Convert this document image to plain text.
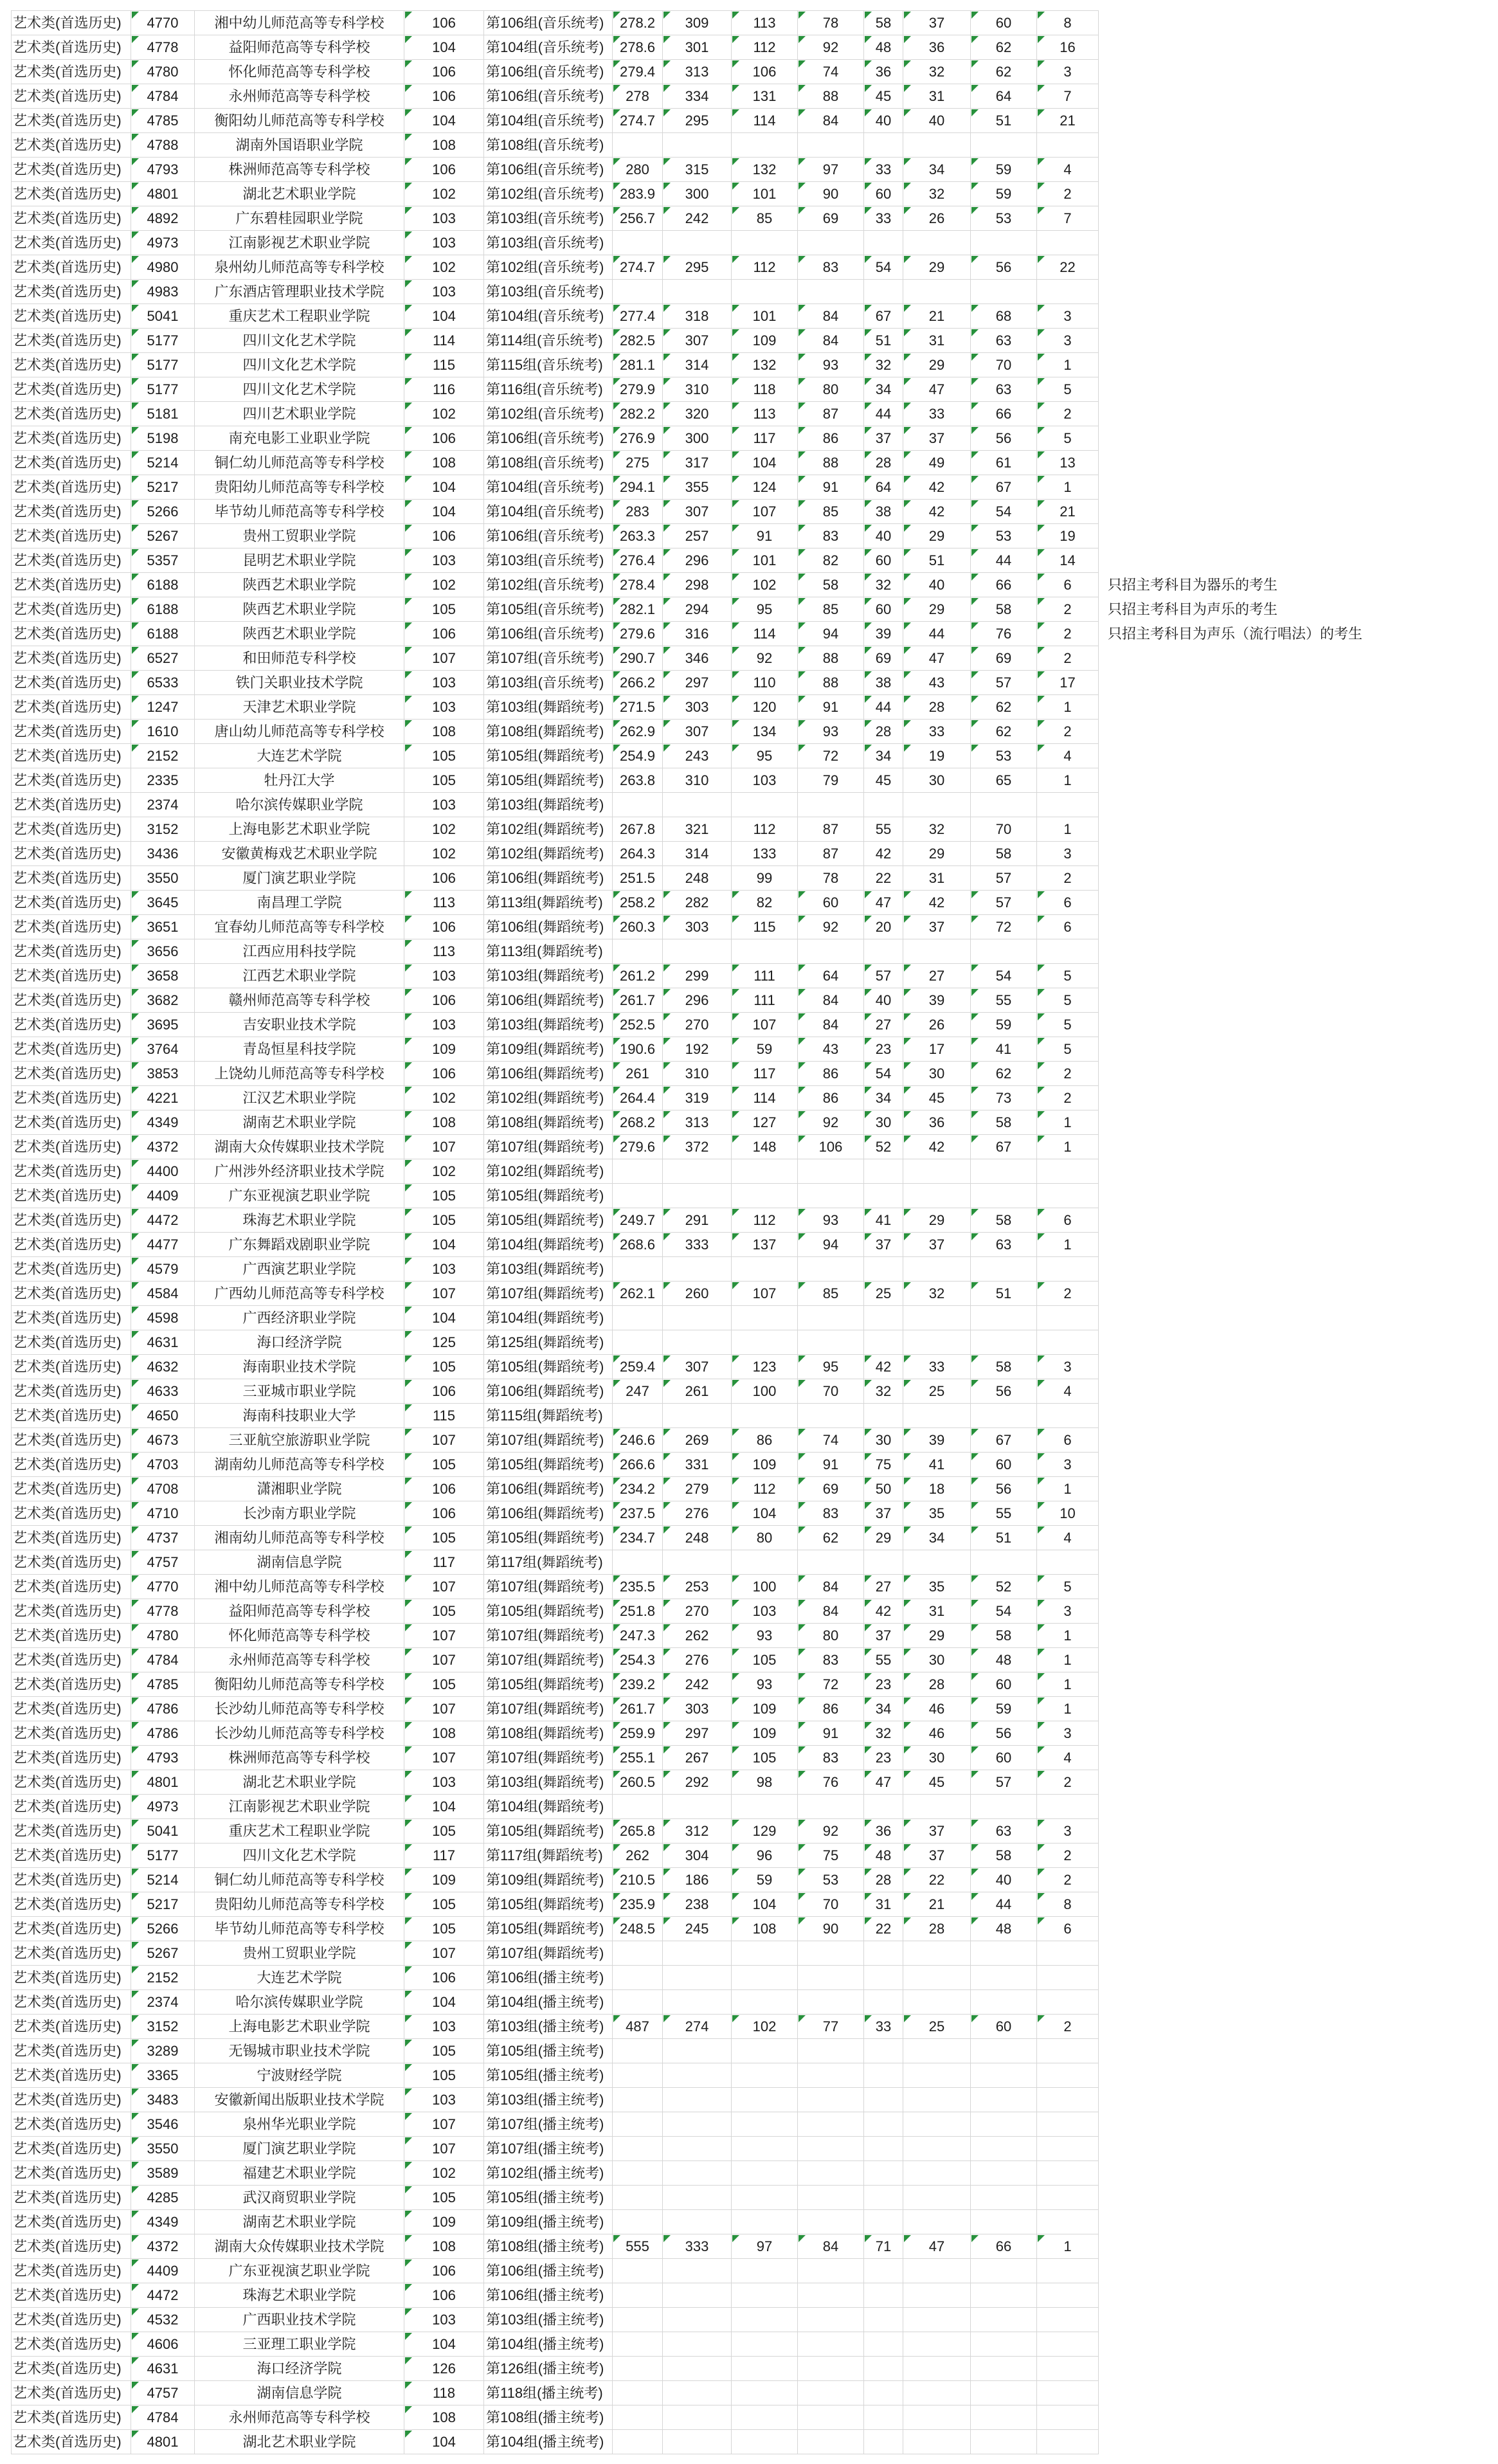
艺术类(首选历史)	4770	湘中幼儿师范高等专科学校	106	第106组(音乐统考)	278.2	309	113	78	58	37	60	8
艺术类(首选历史)	4778	益阳师范高等专科学校	104	第104组(音乐统考)	278.6	301	112	92	48	36	62	16
艺术类(首选历史)	4780	怀化师范高等专科学校	106	第106组(音乐统考)	279.4	313	106	74	36	32	62	3
艺术类(首选历史)	4784	永州师范高等专科学校	106	第106组(音乐统考)	278	334	131	88	45	31	64	7
艺术类(首选历史)	4785	衡阳幼儿师范高等专科学校	104	第104组(音乐统考)	274.7	295	114	84	40	40	51	21
艺术类(首选历史)	4788	湖南外国语职业学院	108	第108组(音乐统考)
艺术类(首选历史)	4793	株洲师范高等专科学校	106	第106组(音乐统考)	280	315	132	97	33	34	59	4
艺术类(首选历史)	4801	湖北艺术职业学院	102	第102组(音乐统考)	283.9	300	101	90	60	32	59	2
艺术类(首选历史)	4892	广东碧桂园职业学院	103	第103组(音乐统考)	256.7	242	85	69	33	26	53	7
艺术类(首选历史)	4973	江南影视艺术职业学院	103	第103组(音乐统考)
艺术类(首选历史)	4980	泉州幼儿师范高等专科学校	102	第102组(音乐统考)	274.7	295	112	83	54	29	56	22
艺术类(首选历史)	4983	广东酒店管理职业技术学院	103	第103组(音乐统考)
艺术类(首选历史)	5041	重庆艺术工程职业学院	104	第104组(音乐统考)	277.4	318	101	84	67	21	68	3
艺术类(首选历史)	5177	四川文化艺术学院	114	第114组(音乐统考)	282.5	307	109	84	51	31	63	3
艺术类(首选历史)	5177	四川文化艺术学院	115	第115组(音乐统考)	281.1	314	132	93	32	29	70	1
艺术类(首选历史)	5177	四川文化艺术学院	116	第116组(音乐统考)	279.9	310	118	80	34	47	63	5
艺术类(首选历史)	5181	四川艺术职业学院	102	第102组(音乐统考)	282.2	320	113	87	44	33	66	2
艺术类(首选历史)	5198	南充电影工业职业学院	106	第106组(音乐统考)	276.9	300	117	86	37	37	56	5
艺术类(首选历史)	5214	铜仁幼儿师范高等专科学校	108	第108组(音乐统考)	275	317	104	88	28	49	61	13
艺术类(首选历史)	5217	贵阳幼儿师范高等专科学校	104	第104组(音乐统考)	294.1	355	124	91	64	42	67	1
艺术类(首选历史)	5266	毕节幼儿师范高等专科学校	104	第104组(音乐统考)	283	307	107	85	38	42	54	21
艺术类(首选历史)	5267	贵州工贸职业学院	106	第106组(音乐统考)	263.3	257	91	83	40	29	53	19
艺术类(首选历史)	5357	昆明艺术职业学院	103	第103组(音乐统考)	276.4	296	101	82	60	51	44	14
艺术类(首选历史)	6188	陕西艺术职业学院	102	第102组(音乐统考)	278.4	298	102	58	32	40	66	6	只招主考科目为器乐的考生
艺术类(首选历史)	6188	陕西艺术职业学院	105	第105组(音乐统考)	282.1	294	95	85	60	29	58	2	只招主考科目为声乐的考生
艺术类(首选历史)	6188	陕西艺术职业学院	106	第106组(音乐统考)	279.6	316	114	94	39	44	76	2	只招主考科目为声乐（流行唱法）的考生
艺术类(首选历史)	6527	和田师范专科学校	107	第107组(音乐统考)	290.7	346	92	88	69	47	69	2
艺术类(首选历史)	6533	铁门关职业技术学院	103	第103组(音乐统考)	266.2	297	110	88	38	43	57	17
艺术类(首选历史)	1247	天津艺术职业学院	103	第103组(舞蹈统考)	271.5	303	120	91	44	28	62	1
艺术类(首选历史)	1610	唐山幼儿师范高等专科学校	108	第108组(舞蹈统考)	262.9	307	134	93	28	33	62	2
艺术类(首选历史)	2152	大连艺术学院	105	第105组(舞蹈统考)	254.9	243	95	72	34	19	53	4
艺术类(首选历史)	2335	牡丹江大学	105	第105组(舞蹈统考)	263.8	310	103	79	45	30	65	1
艺术类(首选历史)	2374	哈尔滨传媒职业学院	103	第103组(舞蹈统考)
艺术类(首选历史)	3152	上海电影艺术职业学院	102	第102组(舞蹈统考)	267.8	321	112	87	55	32	70	1
艺术类(首选历史)	3436	安徽黄梅戏艺术职业学院	102	第102组(舞蹈统考)	264.3	314	133	87	42	29	58	3
艺术类(首选历史)	3550	厦门演艺职业学院	106	第106组(舞蹈统考)	251.5	248	99	78	22	31	57	2
艺术类(首选历史)	3645	南昌理工学院	113	第113组(舞蹈统考)	258.2	282	82	60	47	42	57	6
艺术类(首选历史)	3651	宜春幼儿师范高等专科学校	106	第106组(舞蹈统考)	260.3	303	115	92	20	37	72	6
艺术类(首选历史)	3656	江西应用科技学院	113	第113组(舞蹈统考)
艺术类(首选历史)	3658	江西艺术职业学院	103	第103组(舞蹈统考)	261.2	299	111	64	57	27	54	5
艺术类(首选历史)	3682	赣州师范高等专科学校	106	第106组(舞蹈统考)	261.7	296	111	84	40	39	55	5
艺术类(首选历史)	3695	吉安职业技术学院	103	第103组(舞蹈统考)	252.5	270	107	84	27	26	59	5
艺术类(首选历史)	3764	青岛恒星科技学院	109	第109组(舞蹈统考)	190.6	192	59	43	23	17	41	5
艺术类(首选历史)	3853	上饶幼儿师范高等专科学校	106	第106组(舞蹈统考)	261	310	117	86	54	30	62	2
艺术类(首选历史)	4221	江汉艺术职业学院	102	第102组(舞蹈统考)	264.4	319	114	86	34	45	73	2
艺术类(首选历史)	4349	湖南艺术职业学院	108	第108组(舞蹈统考)	268.2	313	127	92	30	36	58	1
艺术类(首选历史)	4372	湖南大众传媒职业技术学院	107	第107组(舞蹈统考)	279.6	372	148	106	52	42	67	1
艺术类(首选历史)	4400	广州涉外经济职业技术学院	102	第102组(舞蹈统考)
艺术类(首选历史)	4409	广东亚视演艺职业学院	105	第105组(舞蹈统考)
艺术类(首选历史)	4472	珠海艺术职业学院	105	第105组(舞蹈统考)	249.7	291	112	93	41	29	58	6
艺术类(首选历史)	4477	广东舞蹈戏剧职业学院	104	第104组(舞蹈统考)	268.6	333	137	94	37	37	63	1
艺术类(首选历史)	4579	广西演艺职业学院	103	第103组(舞蹈统考)
艺术类(首选历史)	4584	广西幼儿师范高等专科学校	107	第107组(舞蹈统考)	262.1	260	107	85	25	32	51	2
艺术类(首选历史)	4598	广西经济职业学院	104	第104组(舞蹈统考)
艺术类(首选历史)	4631	海口经济学院	125	第125组(舞蹈统考)
艺术类(首选历史)	4632	海南职业技术学院	105	第105组(舞蹈统考)	259.4	307	123	95	42	33	58	3
艺术类(首选历史)	4633	三亚城市职业学院	106	第106组(舞蹈统考)	247	261	100	70	32	25	56	4
艺术类(首选历史)	4650	海南科技职业大学	115	第115组(舞蹈统考)
艺术类(首选历史)	4673	三亚航空旅游职业学院	107	第107组(舞蹈统考)	246.6	269	86	74	30	39	67	6
艺术类(首选历史)	4703	湖南幼儿师范高等专科学校	105	第105组(舞蹈统考)	266.6	331	109	91	75	41	60	3
艺术类(首选历史)	4708	潇湘职业学院	106	第106组(舞蹈统考)	234.2	279	112	69	50	18	56	1
艺术类(首选历史)	4710	长沙南方职业学院	106	第106组(舞蹈统考)	237.5	276	104	83	37	35	55	10
艺术类(首选历史)	4737	湘南幼儿师范高等专科学校	105	第105组(舞蹈统考)	234.7	248	80	62	29	34	51	4
艺术类(首选历史)	4757	湖南信息学院	117	第117组(舞蹈统考)
艺术类(首选历史)	4770	湘中幼儿师范高等专科学校	107	第107组(舞蹈统考)	235.5	253	100	84	27	35	52	5
艺术类(首选历史)	4778	益阳师范高等专科学校	105	第105组(舞蹈统考)	251.8	270	103	84	42	31	54	3
艺术类(首选历史)	4780	怀化师范高等专科学校	107	第107组(舞蹈统考)	247.3	262	93	80	37	29	58	1
艺术类(首选历史)	4784	永州师范高等专科学校	107	第107组(舞蹈统考)	254.3	276	105	83	55	30	48	1
艺术类(首选历史)	4785	衡阳幼儿师范高等专科学校	105	第105组(舞蹈统考)	239.2	242	93	72	23	28	60	1
艺术类(首选历史)	4786	长沙幼儿师范高等专科学校	107	第107组(舞蹈统考)	261.7	303	109	86	34	46	59	1
艺术类(首选历史)	4786	长沙幼儿师范高等专科学校	108	第108组(舞蹈统考)	259.9	297	109	91	32	46	56	3
艺术类(首选历史)	4793	株洲师范高等专科学校	107	第107组(舞蹈统考)	255.1	267	105	83	23	30	60	4
艺术类(首选历史)	4801	湖北艺术职业学院	103	第103组(舞蹈统考)	260.5	292	98	76	47	45	57	2
艺术类(首选历史)	4973	江南影视艺术职业学院	104	第104组(舞蹈统考)
艺术类(首选历史)	5041	重庆艺术工程职业学院	105	第105组(舞蹈统考)	265.8	312	129	92	36	37	63	3
艺术类(首选历史)	5177	四川文化艺术学院	117	第117组(舞蹈统考)	262	304	96	75	48	37	58	2
艺术类(首选历史)	5214	铜仁幼儿师范高等专科学校	109	第109组(舞蹈统考)	210.5	186	59	53	28	22	40	2
艺术类(首选历史)	5217	贵阳幼儿师范高等专科学校	105	第105组(舞蹈统考)	235.9	238	104	70	31	21	44	8
艺术类(首选历史)	5266	毕节幼儿师范高等专科学校	105	第105组(舞蹈统考)	248.5	245	108	90	22	28	48	6
艺术类(首选历史)	5267	贵州工贸职业学院	107	第107组(舞蹈统考)
艺术类(首选历史)	2152	大连艺术学院	106	第106组(播主统考)
艺术类(首选历史)	2374	哈尔滨传媒职业学院	104	第104组(播主统考)
艺术类(首选历史)	3152	上海电影艺术职业学院	103	第103组(播主统考)	487	274	102	77	33	25	60	2
艺术类(首选历史)	3289	无锡城市职业技术学院	105	第105组(播主统考)
艺术类(首选历史)	3365	宁波财经学院	105	第105组(播主统考)
艺术类(首选历史)	3483	安徽新闻出版职业技术学院	103	第103组(播主统考)
艺术类(首选历史)	3546	泉州华光职业学院	107	第107组(播主统考)
艺术类(首选历史)	3550	厦门演艺职业学院	107	第107组(播主统考)
艺术类(首选历史)	3589	福建艺术职业学院	102	第102组(播主统考)
艺术类(首选历史)	4285	武汉商贸职业学院	105	第105组(播主统考)
艺术类(首选历史)	4349	湖南艺术职业学院	109	第109组(播主统考)
艺术类(首选历史)	4372	湖南大众传媒职业技术学院	108	第108组(播主统考)	555	333	97	84	71	47	66	1
艺术类(首选历史)	4409	广东亚视演艺职业学院	106	第106组(播主统考)
艺术类(首选历史)	4472	珠海艺术职业学院	106	第106组(播主统考)
艺术类(首选历史)	4532	广西职业技术学院	103	第103组(播主统考)
艺术类(首选历史)	4606	三亚理工职业学院	104	第104组(播主统考)
艺术类(首选历史)	4631	海口经济学院	126	第126组(播主统考)
艺术类(首选历史)	4757	湖南信息学院	118	第118组(播主统考)
艺术类(首选历史)	4784	永州师范高等专科学校	108	第108组(播主统考)
艺术类(首选历史)	4801	湖北艺术职业学院	104	第104组(播主统考)
